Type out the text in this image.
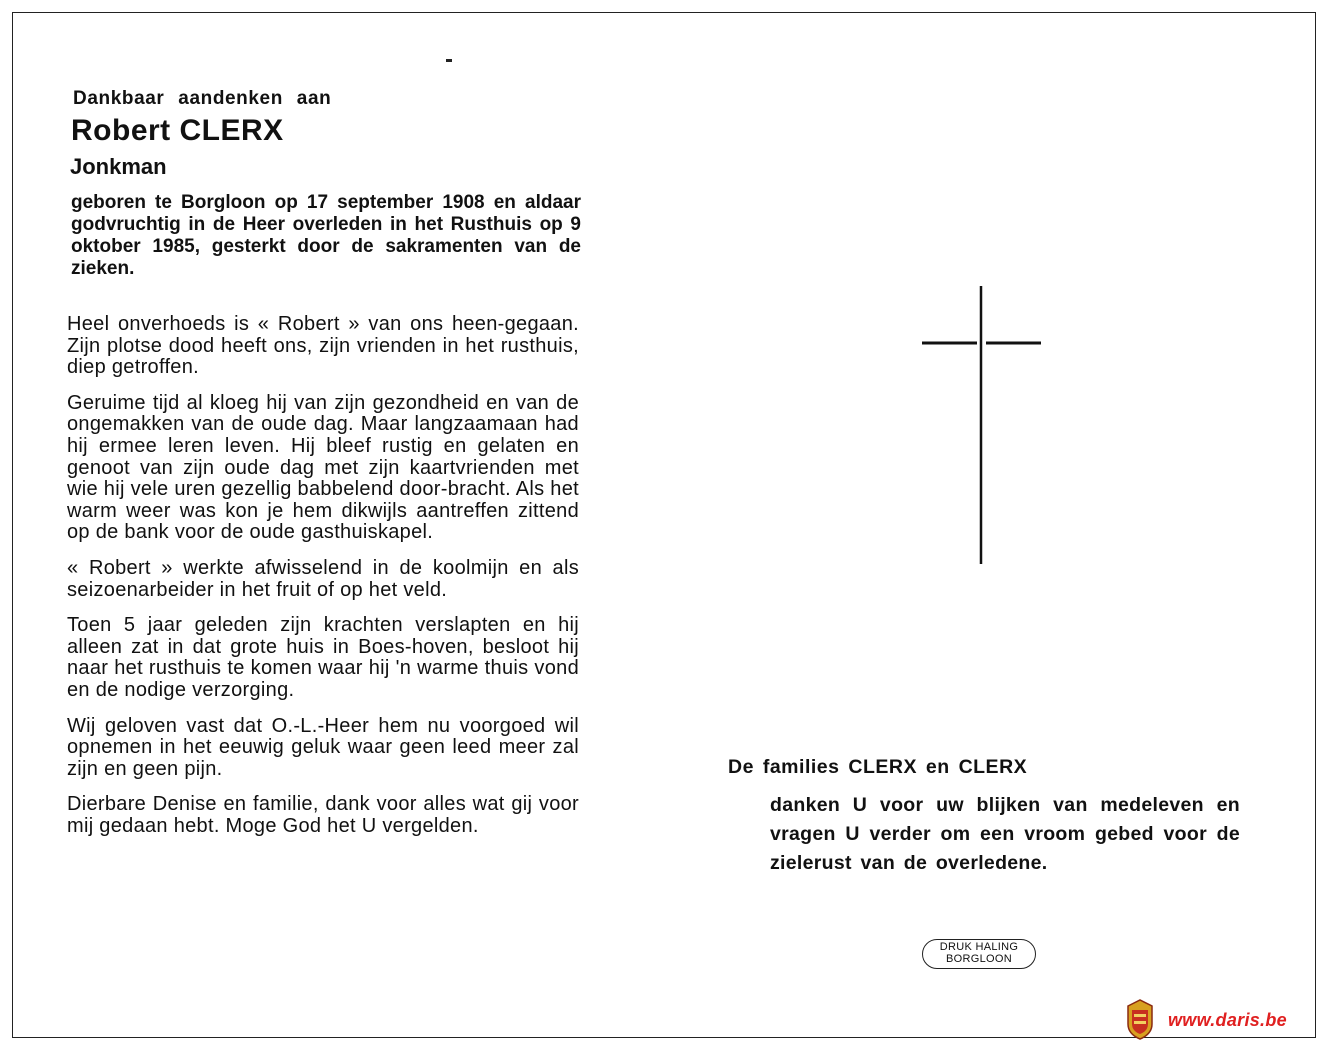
Dankbaar aandenken aan
Robert CLERX
Jonkman
geboren te Borgloon op 17 september 1908 en aldaar godvruchtig in de Heer overleden in het Rusthuis op 9 oktober 1985, gesterkt door de sakramenten van de zieken.
Heel onverhoeds is « Robert » van ons heen-gegaan. Zijn plotse dood heeft ons, zijn vrienden in het rusthuis, diep getroffen.
Geruime tijd al kloeg hij van zijn gezondheid en van de ongemakken van de oude dag. Maar langzaamaan had hij ermee leren leven. Hij bleef rustig en gelaten en genoot van zijn oude dag met zijn kaartvrienden met wie hij vele uren gezellig babbelend door-bracht. Als het warm weer was kon je hem dikwijls aantreffen zittend op de bank voor de oude gasthuiskapel.
« Robert » werkte afwisselend in de koolmijn en als seizoenarbeider in het fruit of op het veld.
Toen 5 jaar geleden zijn krachten verslapten en hij alleen zat in dat grote huis in Boes-hoven, besloot hij naar het rusthuis te komen waar hij 'n warme thuis vond en de nodige verzorging.
Wij geloven vast dat O.-L.-Heer hem nu voorgoed wil opnemen in het eeuwig geluk waar geen leed meer zal zijn en geen pijn.
Dierbare Denise en familie, dank voor alles wat gij voor mij gedaan hebt. Moge God het U vergelden.
De families CLERX en CLERX
danken U voor uw blijken van medeleven en vragen U verder om een vroom gebed voor de zielerust van de overledene.
DRUK HALING
BORGLOON
www.daris.be
